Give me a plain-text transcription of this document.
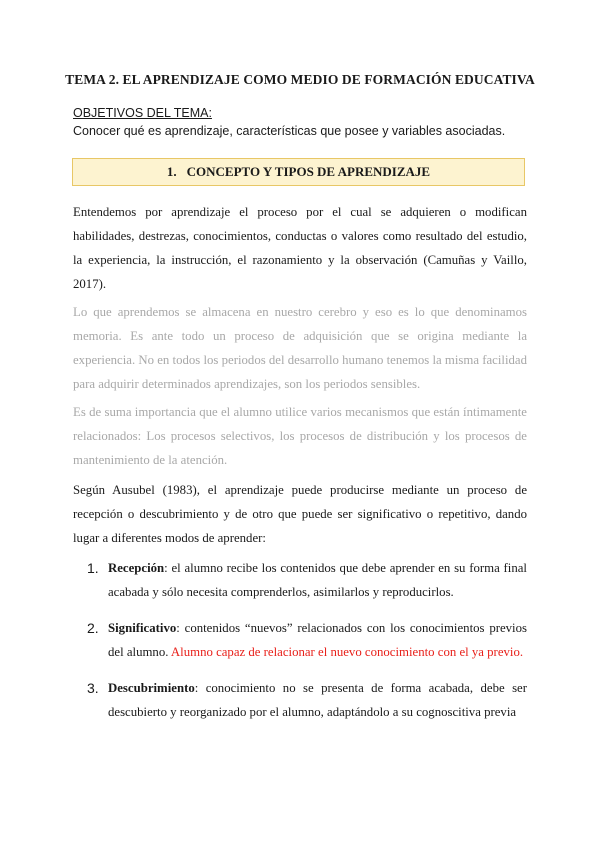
TEMA 2. EL APRENDIZAJE COMO MEDIO DE FORMACIÓN EDUCATIVA
OBJETIVOS DEL TEMA:
Conocer qué es aprendizaje, características que posee y variables asociadas.
1. CONCEPTO Y TIPOS DE APRENDIZAJE
Entendemos por aprendizaje el proceso por el cual se adquieren o modifican habilidades, destrezas, conocimientos, conductas o valores como resultado del estudio, la experiencia, la instrucción, el razonamiento y la observación (Camuñas y Vaillo, 2017).
Lo que aprendemos se almacena en nuestro cerebro y eso es lo que denominamos memoria. Es ante todo un proceso de adquisición que se origina mediante la experiencia. No en todos los periodos del desarrollo humano tenemos la misma facilidad para adquirir determinados aprendizajes, son los periodos sensibles.
Es de suma importancia que el alumno utilice varios mecanismos que están íntimamente relacionados: Los procesos selectivos, los procesos de distribución y los procesos de mantenimiento de la atención.
Según Ausubel (1983), el aprendizaje puede producirse mediante un proceso de recepción o descubrimiento y de otro que puede ser significativo o repetitivo, dando lugar a diferentes modos de aprender:
1. Recepción: el alumno recibe los contenidos que debe aprender en su forma final acabada y sólo necesita comprenderlos, asimilarlos y reproducirlos.
2. Significativo: contenidos “nuevos” relacionados con los conocimientos previos del alumno. Alumno capaz de relacionar el nuevo conocimiento con el ya previo.
3. Descubrimiento: conocimiento no se presenta de forma acabada, debe ser descubierto y reorganizado por el alumno, adaptándolo a su cognoscitiva previa
